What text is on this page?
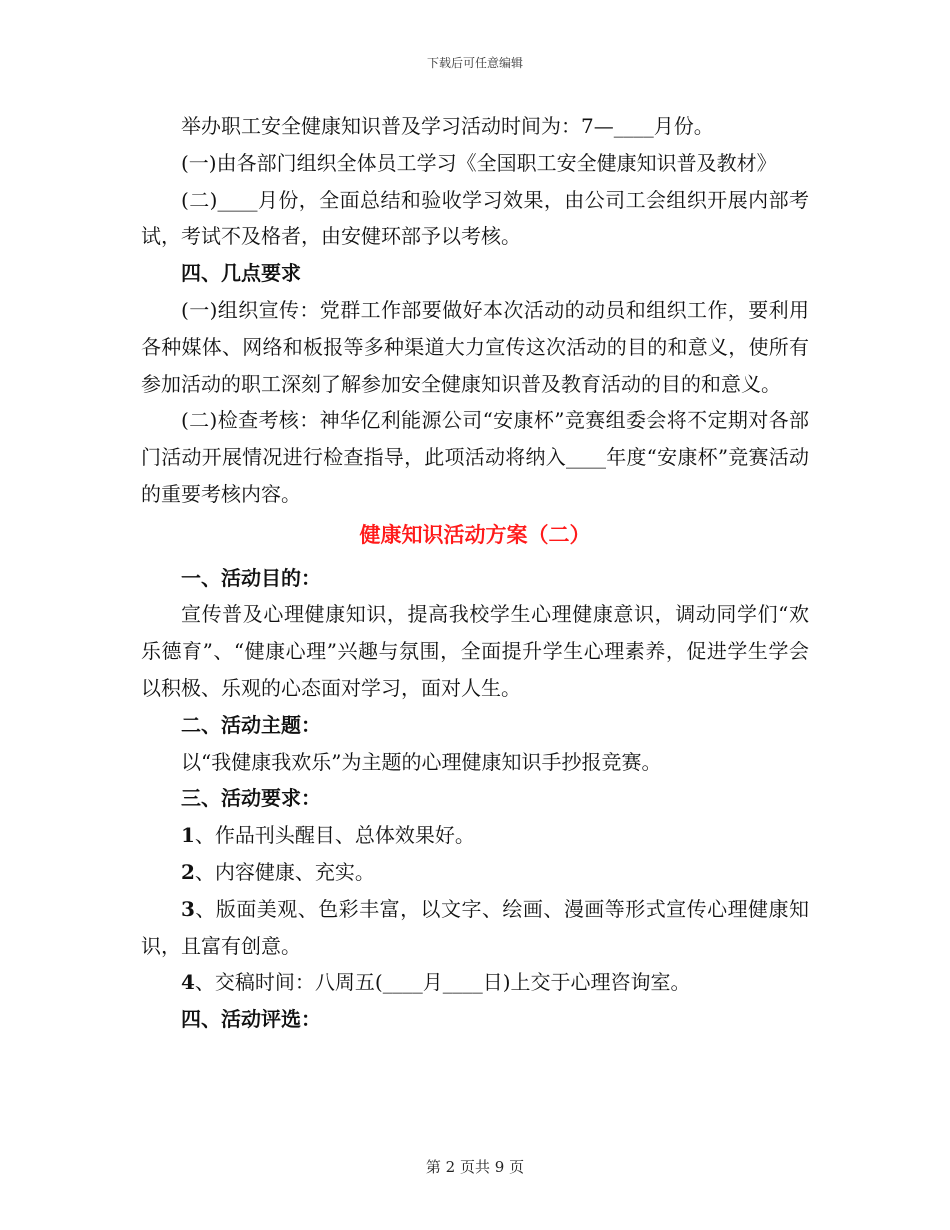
下载后可任意编辑

举办职工安全健康知识普及学习活动时间为：7—____月份。

(一)由各部门组织全体员工学习《全国职工安全健康知识普及教材》

(二)____月份，全面总结和验收学习效果，由公司工会组织开展内部考试，考试不及格者，由安健环部予以考核。

四、几点要求

(一)组织宣传：党群工作部要做好本次活动的动员和组织工作，要利用各种媒体、网络和板报等多种渠道大力宣传这次活动的目的和意义，使所有参加活动的职工深刻了解参加安全健康知识普及教育活动的目的和意义。

(二)检查考核：神华亿利能源公司“安康杯”竞赛组委会将不定期对各部门活动开展情况进行检查指导，此项活动将纳入____年度“安康杯”竞赛活动的重要考核内容。

健康知识活动方案（二）

一、活动目的：

宣传普及心理健康知识，提高我校学生心理健康意识，调动同学们“欢乐德育”、“健康心理”兴趣与氛围，全面提升学生心理素养，促进学生学会以积极、乐观的心态面对学习，面对人生。

二、活动主题：

以“我健康我欢乐”为主题的心理健康知识手抄报竞赛。

三、活动要求：

1、作品刊头醒目、总体效果好。

2、内容健康、充实。

3、版面美观、色彩丰富，以文字、绘画、漫画等形式宣传心理健康知识，且富有创意。

4、交稿时间：八周五(____月____日)上交于心理咨询室。

四、活动评选：

第 2 页共 9 页
